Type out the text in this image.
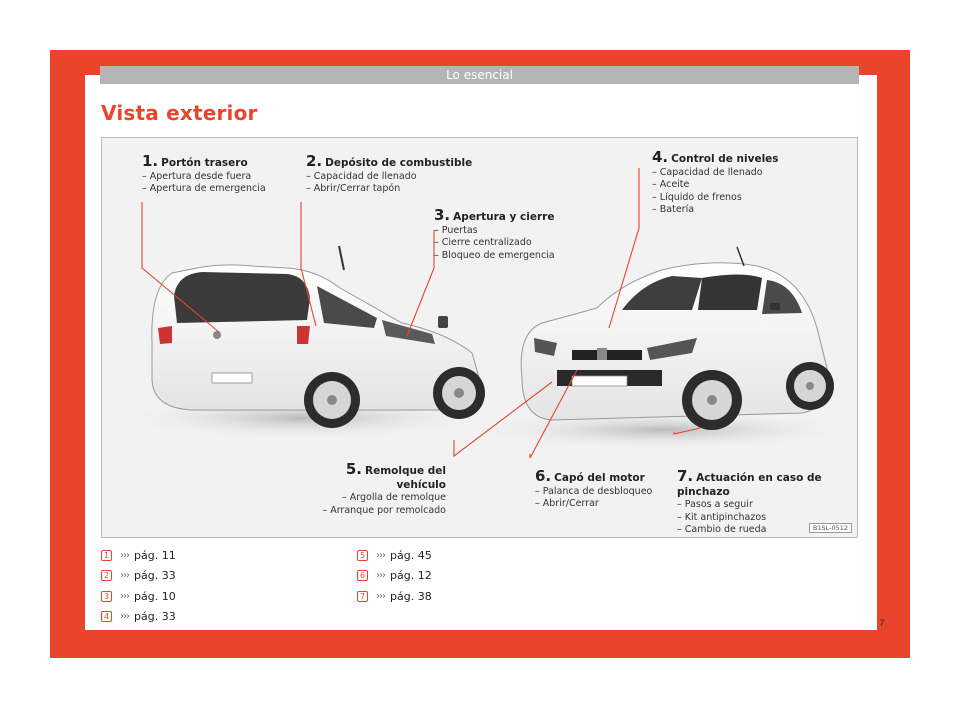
Lo esencial
Vista exterior
1. Portón trasero
– Apertura desde fuera
– Apertura de emergencia
2. Depósito de combustible
– Capacidad de llenado
– Abrir/Cerrar tapón
3. Apertura y cierre
– Puertas
– Cierre centralizado
– Bloqueo de emergencia
4. Control de niveles
– Capacidad de llenado
– Aceite
– Líquido de frenos
– Batería
5. Remolque del vehículo
– Argolla de remolque
– Arranque por remolcado
6. Capó del motor
– Palanca de desbloqueo
– Abrir/Cerrar
7. Actuación en caso de pinchazo
– Pasos a seguir
– Kit antipinchazos
– Cambio de rueda	B1SL-0512
1 ››› pág. 11
2 ››› pág. 33
3 ››› pág. 10
4 ››› pág. 33
5 ››› pág. 45
6 ››› pág. 12
7 ››› pág. 38
7
